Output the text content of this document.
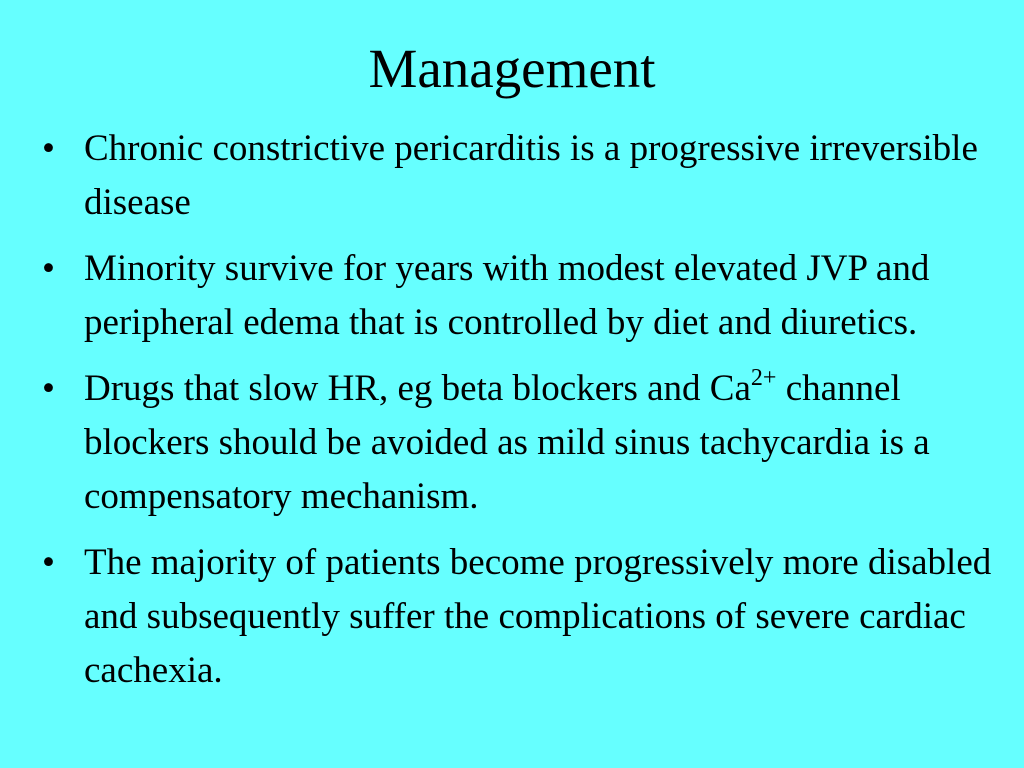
Management
• Chronic constrictive pericarditis is a progressive irreversible disease
• Minority survive for years with modest elevated JVP and peripheral edema that is controlled by diet and diuretics.
• Drugs that slow HR, eg beta blockers and $Ca^{2+}$ channel blockers should be avoided as mild sinus tachycardia is a compensatory mechanism.
• The majority of patients become progressively more disabled and subsequently suffer the complications of severe cardiac cachexia.
